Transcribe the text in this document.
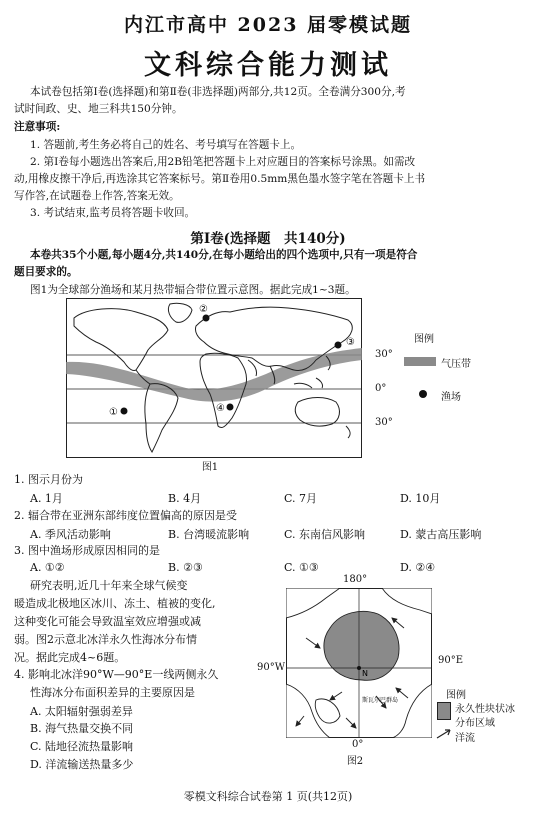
内江市高中 2023 届零模试题
文科综合能力测试
本试卷包括第Ⅰ卷(选择题)和第Ⅱ卷(非选择题)两部分,共12页。全卷满分300分,考
试时间政、史、地三科共150分钟。
注意事项:
1. 答题前,考生务必将自己的姓名、考号填写在答题卡上。
2. 第Ⅰ卷每小题选出答案后,用2B铅笔把答题卡上对应题目的答案标号涂黑。如需改
动,用橡皮擦干净后,再选涂其它答案标号。第Ⅱ卷用0.5mm黑色墨水签字笔在答题卡上书
写作答,在试题卷上作答,答案无效。
3. 考试结束,监考员将答题卡收回。
第Ⅰ卷(选择题　共140分)
本卷共35个小题,每小题4分,共140分,在每小题给出的四个选项中,只有一项是符合
题目要求的。
图1为全球部分渔场和某月热带辐合带位置示意图。据此完成1~3题。
①
②
③
④
30°
0°
30°
图例
气压带
渔场
图1
1. 图示月份为
A. 1月	B. 4月	C. 7月	D. 10月
2. 辐合带在亚洲东部纬度位置偏高的原因是受
A. 季风活动影响	B. 台湾暖流影响	C. 东南信风影响	D. 蒙古高压影响
3. 图中渔场形成原因相同的是
A. ①②	B. ②③	C. ①③	D. ②④
研究表明,近几十年来全球气候变
暖造成北极地区冰川、冻土、植被的变化,
这种变化可能会导致温室效应增强或减
弱。图2示意北冰洋永久性海冰分布情
况。据此完成4~6题。
4. 影响北冰洋90°W—90°E一线两侧永久
性海冰分布面积差异的主要原因是
A. 太阳辐射强弱差异
B. 海气热量交换不同
C. 陆地径流热量影响
D. 洋流输送热量多少
180°
N
斯瓦尔巴群岛
90°E
90°W
0°
图2
图例
永久性块状冰
分布区域
洋流
零模文科综合试卷第 1 页(共12页)
